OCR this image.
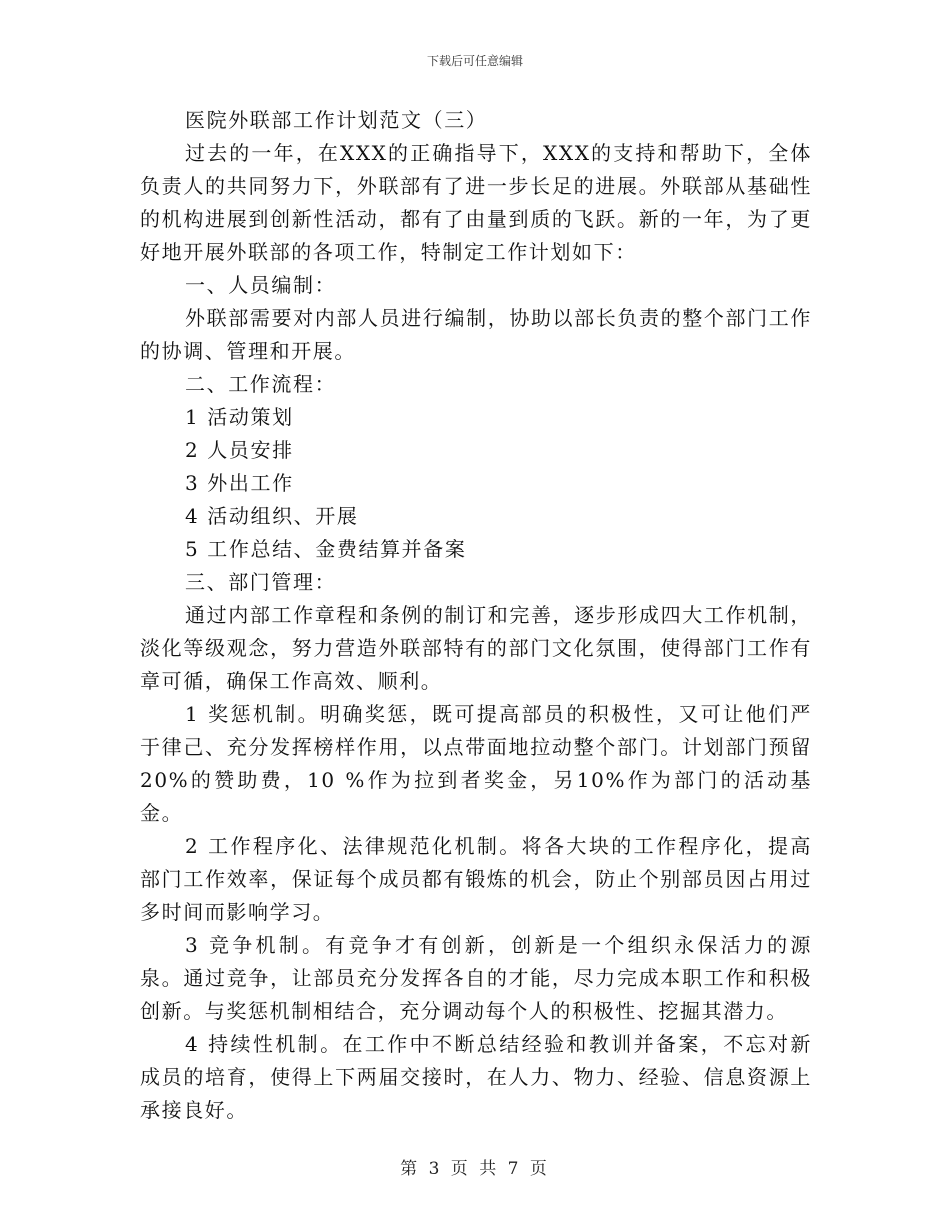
下载后可任意编辑

医院外联部工作计划范文（三）

过去的一年，在XXX的正确指导下，XXX的支持和帮助下，全体负责人的共同努力下，外联部有了进一步长足的进展。外联部从基础性的机构进展到创新性活动，都有了由量到质的飞跃。新的一年，为了更好地开展外联部的各项工作，特制定工作计划如下：

一、人员编制：

外联部需要对内部人员进行编制，协助以部长负责的整个部门工作的协调、管理和开展。

二、工作流程：

1 活动策划

2 人员安排

3 外出工作

4 活动组织、开展

5 工作总结、金费结算并备案

三、部门管理：

通过内部工作章程和条例的制订和完善，逐步形成四大工作机制，淡化等级观念，努力营造外联部特有的部门文化氛围，使得部门工作有章可循，确保工作高效、顺利。

1 奖惩机制。明确奖惩，既可提高部员的积极性，又可让他们严于律己、充分发挥榜样作用，以点带面地拉动整个部门。计划部门预留20%的赞助费，10 %作为拉到者奖金，另10%作为部门的活动基金。

2 工作程序化、法律规范化机制。将各大块的工作程序化，提高部门工作效率，保证每个成员都有锻炼的机会，防止个别部员因占用过多时间而影响学习。

3 竞争机制。有竞争才有创新，创新是一个组织永保活力的源泉。通过竞争，让部员充分发挥各自的才能，尽力完成本职工作和积极创新。与奖惩机制相结合，充分调动每个人的积极性、挖掘其潜力。

4 持续性机制。在工作中不断总结经验和教训并备案，不忘对新成员的培育，使得上下两届交接时，在人力、物力、经验、信息资源上承接良好。

第 3 页 共 7 页
